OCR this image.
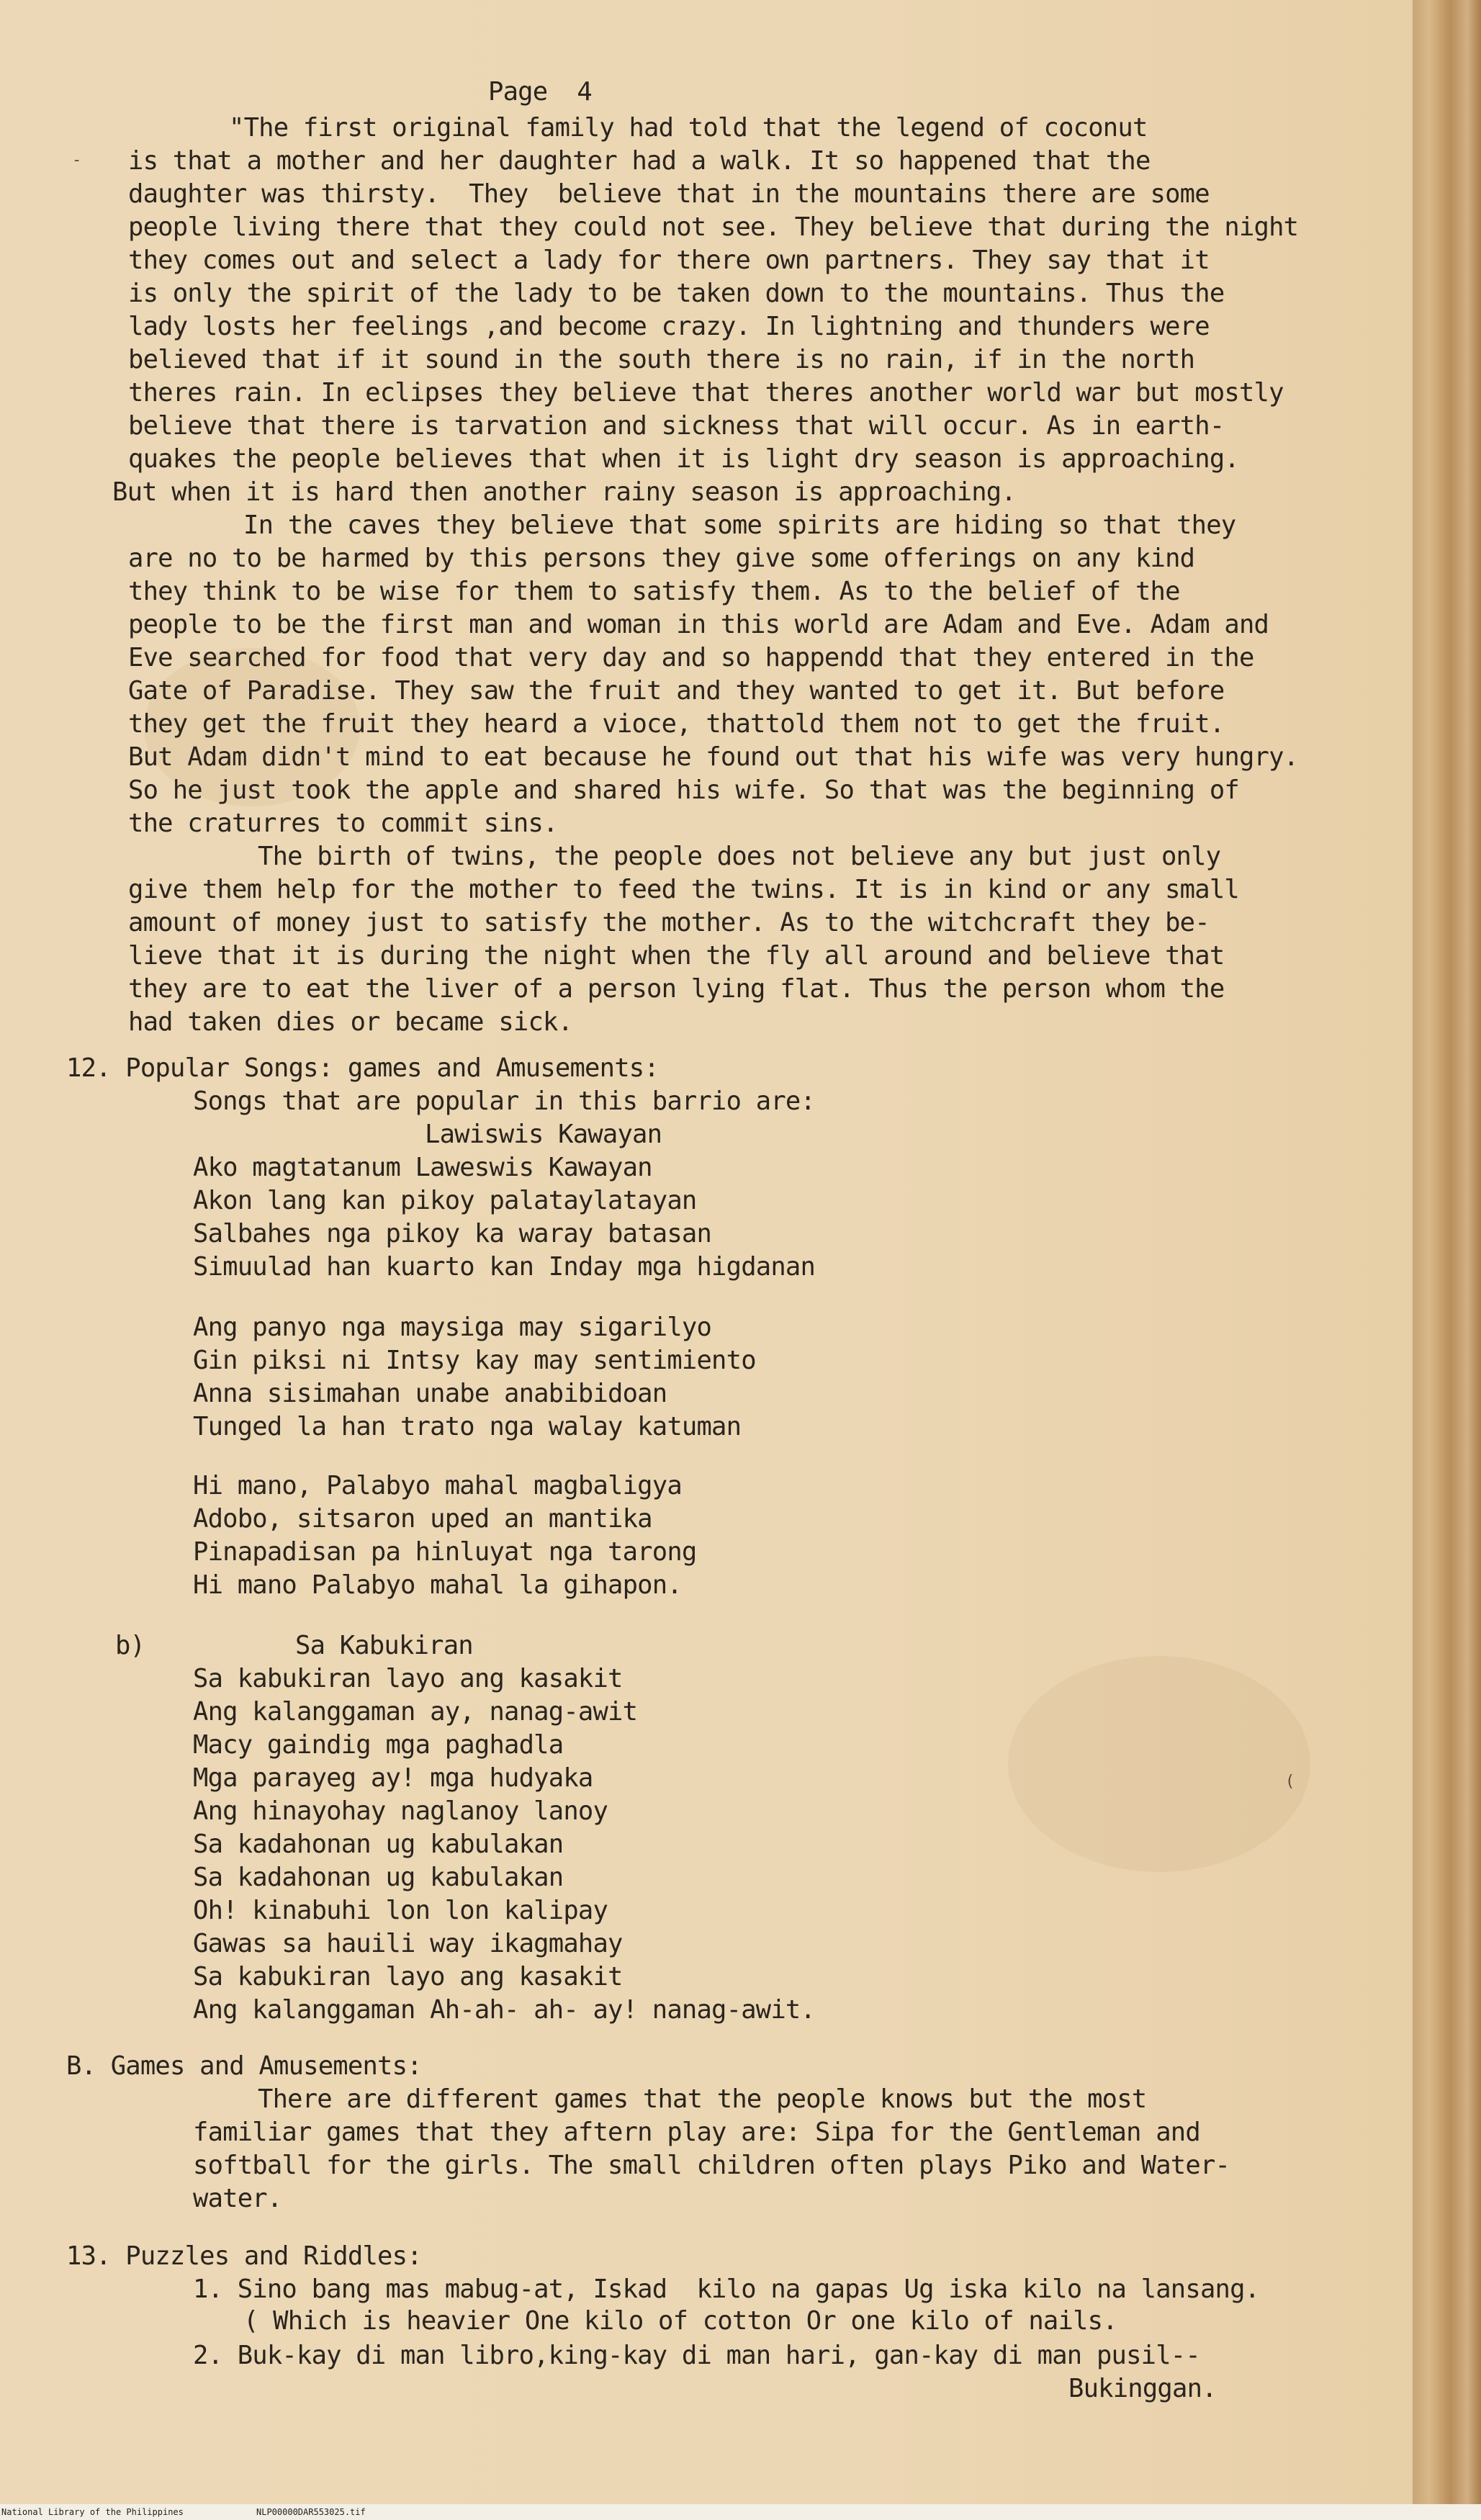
-
(
Page  4
"The first original family had told that the legend of coconut
is that a mother and her daughter had a walk. It so happened that the
daughter was thirsty.  They  believe that in the mountains there are some
people living there that they could not see. They believe that during the night
they comes out and select a lady for there own partners. They say that it
is only the spirit of the lady to be taken down to the mountains. Thus the
lady losts her feelings ,and become crazy. In lightning and thunders were
believed that if it sound in the south there is no rain, if in the north
theres rain. In eclipses they believe that theres another world war but mostly
believe that there is tarvation and sickness that will occur. As in earth-
quakes the people believes that when it is light dry season is approaching.
But when it is hard then another rainy season is approaching.
In the caves they believe that some spirits are hiding so that they
are no to be harmed by this persons they give some offerings on any kind
they think to be wise for them to satisfy them. As to the belief of the
people to be the first man and woman in this world are Adam and Eve. Adam and
Eve searched for food that very day and so happendd that they entered in the
Gate of Paradise. They saw the fruit and they wanted to get it. But before
they get the fruit they heard a vioce, thattold them not to get the fruit.
But Adam didn't mind to eat because he found out that his wife was very hungry.
So he just took the apple and shared his wife. So that was the beginning of
the craturres to commit sins.
The birth of twins, the people does not believe any but just only
give them help for the mother to feed the twins. It is in kind or any small
amount of money just to satisfy the mother. As to the witchcraft they be-
lieve that it is during the night when the fly all around and believe that
they are to eat the liver of a person lying flat. Thus the person whom the
had taken dies or became sick.
12. Popular Songs: games and Amusements:
Songs that are popular in this barrio are:
Lawiswis Kawayan
Ako magtatanum Laweswis Kawayan
Akon lang kan pikoy palataylatayan
Salbahes nga pikoy ka waray batasan
Simuulad han kuarto kan Inday mga higdanan
Ang panyo nga maysiga may sigarilyo
Gin piksi ni Intsy kay may sentimiento
Anna sisimahan unabe anabibidoan
Tunged la han trato nga walay katuman
Hi mano, Palabyo mahal magbaligya
Adobo, sitsaron uped an mantika
Pinapadisan pa hinluyat nga tarong
Hi mano Palabyo mahal la gihapon.
b)	Sa Kabukiran
Sa kabukiran layo ang kasakit
Ang kalanggaman ay, nanag-awit
Macy gaindig mga paghadla
Mga parayeg ay! mga hudyaka
Ang hinayohay naglanoy lanoy
Sa kadahonan ug kabulakan
Sa kadahonan ug kabulakan
Oh! kinabuhi lon lon kalipay
Gawas sa hauili way ikagmahay
Sa kabukiran layo ang kasakit
Ang kalanggaman Ah-ah- ah- ay! nanag-awit.
B. Games and Amusements:
There are different games that the people knows but the most
familiar games that they aftern play are: Sipa for the Gentleman and
softball for the girls. The small children often plays Piko and Water-
water.
13. Puzzles and Riddles:
1. Sino bang mas mabug-at, Iskad  kilo na gapas Ug iska kilo na lansang.
( Which is heavier One kilo of cotton Or one kilo of nails.
2. Buk-kay di man libro,king-kay di man hari, gan-kay di man pusil--
Bukinggan.
National Library of the Philippines	NLP00000DAR553025.tif
